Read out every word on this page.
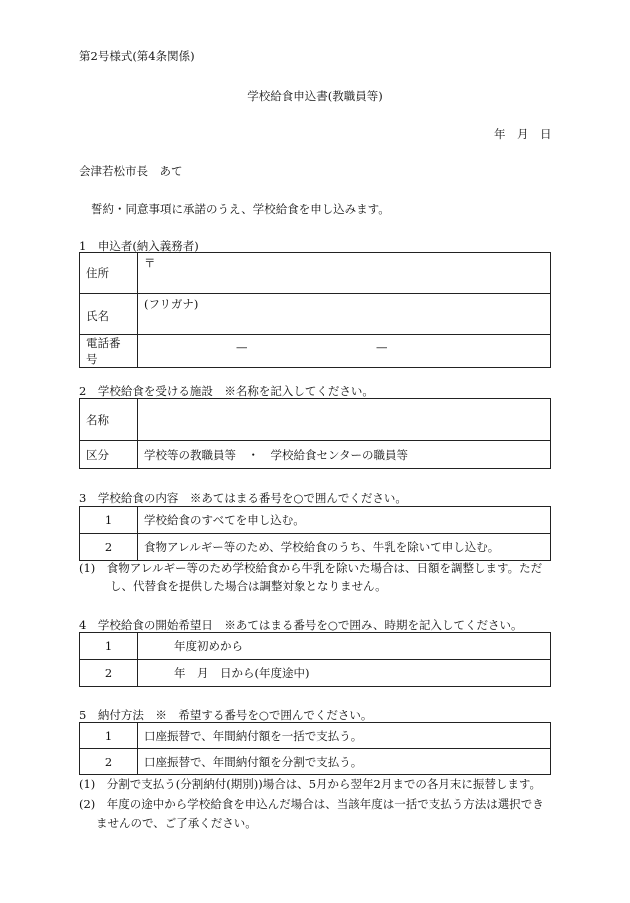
第2号様式(第4条関係)
学校給食申込書(教職員等)
年　月　日
会津若松市長　あて
誓約・同意事項に承諾のうえ、学校給食を申し込みます。
1　申込者(納入義務者)
住所	〒
氏名	(フリガナ)
電話番号	— —
2　学校給食を受ける施設　※名称を記入してください。
名称	
区分	学校等の教職員等　・　学校給食センターの職員等
3　学校給食の内容　※あてはまる番号を○で囲んでください。
1	学校給食のすべてを申し込む。
2	食物アレルギー等のため、学校給食のうち、牛乳を除いて申し込む。
(1)　食物アレルギー等のため学校給食から牛乳を除いた場合は、日額を調整します。ただ
し、代替食を提供した場合は調整対象となりません。
4　学校給食の開始希望日　※あてはまる番号を○で囲み、時期を記入してください。
1	年度初めから
2	年　月　日から(年度途中)
5　納付方法　※　希望する番号を○で囲んでください。
1	口座振替で、年間納付額を一括で支払う。
2	口座振替で、年間納付額を分割で支払う。
(1)　分割で支払う(分割納付(期別))場合は、5月から翌年2月までの各月末に振替します。
(2)　年度の途中から学校給食を申込んだ場合は、当該年度は一括で支払う方法は選択でき
ませんので、ご了承ください。
